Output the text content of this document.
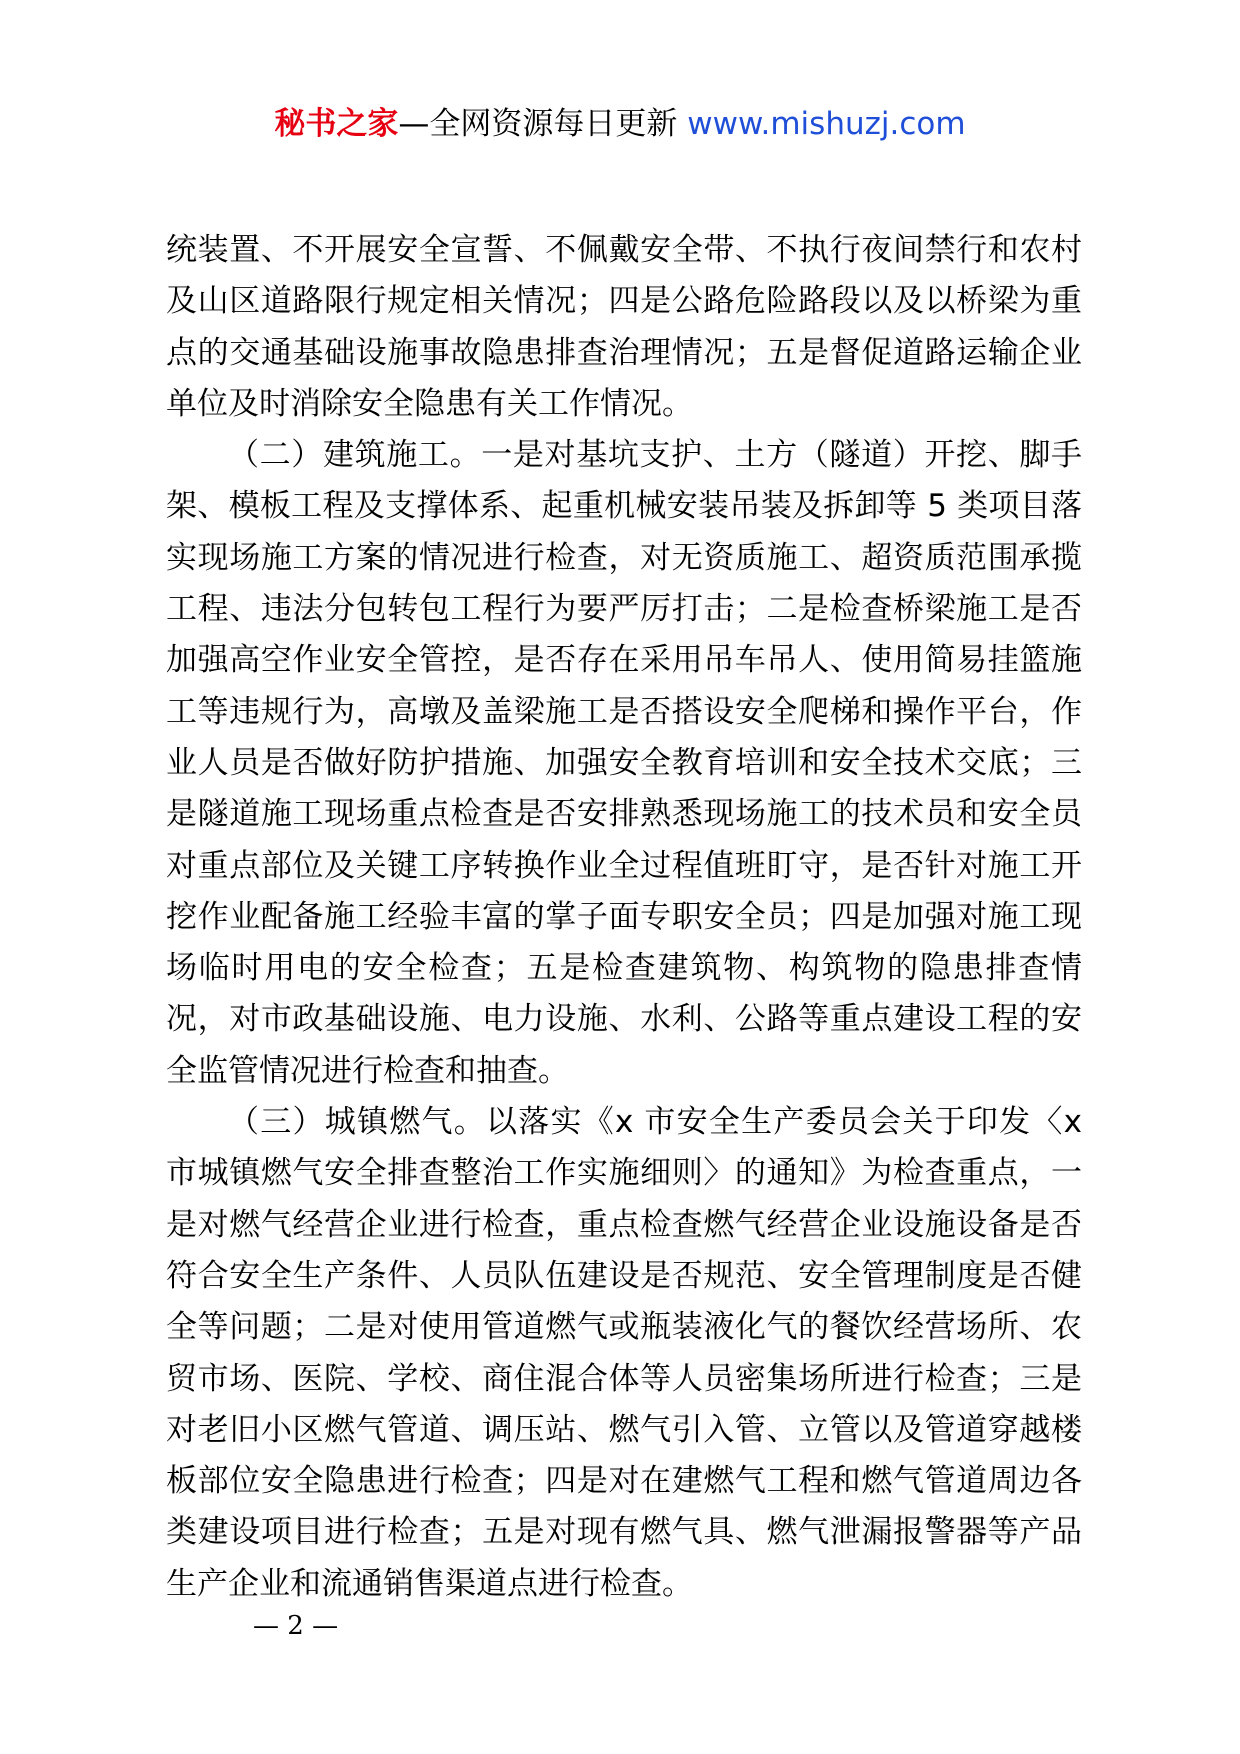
秘书之家—全网资源每日更新 www.mishuzj.com

统装置、不开展安全宣誓、不佩戴安全带、不执行夜间禁行和农村及山区道路限行规定相关情况；四是公路危险路段以及以桥梁为重点的交通基础设施事故隐患排查治理情况；五是督促道路运输企业单位及时消除安全隐患有关工作情况。

（二）建筑施工。一是对基坑支护、土方（隧道）开挖、脚手架、模板工程及支撑体系、起重机械安装吊装及拆卸等 5 类项目落实现场施工方案的情况进行检查，对无资质施工、超资质范围承揽工程、违法分包转包工程行为要严厉打击；二是检查桥梁施工是否加强高空作业安全管控，是否存在采用吊车吊人、使用简易挂篮施工等违规行为，高墩及盖梁施工是否搭设安全爬梯和操作平台，作业人员是否做好防护措施、加强安全教育培训和安全技术交底；三是隧道施工现场重点检查是否安排熟悉现场施工的技术员和安全员对重点部位及关键工序转换作业全过程值班盯守，是否针对施工开挖作业配备施工经验丰富的掌子面专职安全员；四是加强对施工现场临时用电的安全检查；五是检查建筑物、构筑物的隐患排查情况，对市政基础设施、电力设施、水利、公路等重点建设工程的安全监管情况进行检查和抽查。

（三）城镇燃气。以落实《x 市安全生产委员会关于印发〈x 市城镇燃气安全排查整治工作实施细则〉的通知》为检查重点，一是对燃气经营企业进行检查，重点检查燃气经营企业设施设备是否符合安全生产条件、人员队伍建设是否规范、安全管理制度是否健全等问题；二是对使用管道燃气或瓶装液化气的餐饮经营场所、农贸市场、医院、学校、商住混合体等人员密集场所进行检查；三是对老旧小区燃气管道、调压站、燃气引入管、立管以及管道穿越楼板部位安全隐患进行检查；四是对在建燃气工程和燃气管道周边各类建设项目进行检查；五是对现有燃气具、燃气泄漏报警器等产品生产企业和流通销售渠道点进行检查。

— 2 —
